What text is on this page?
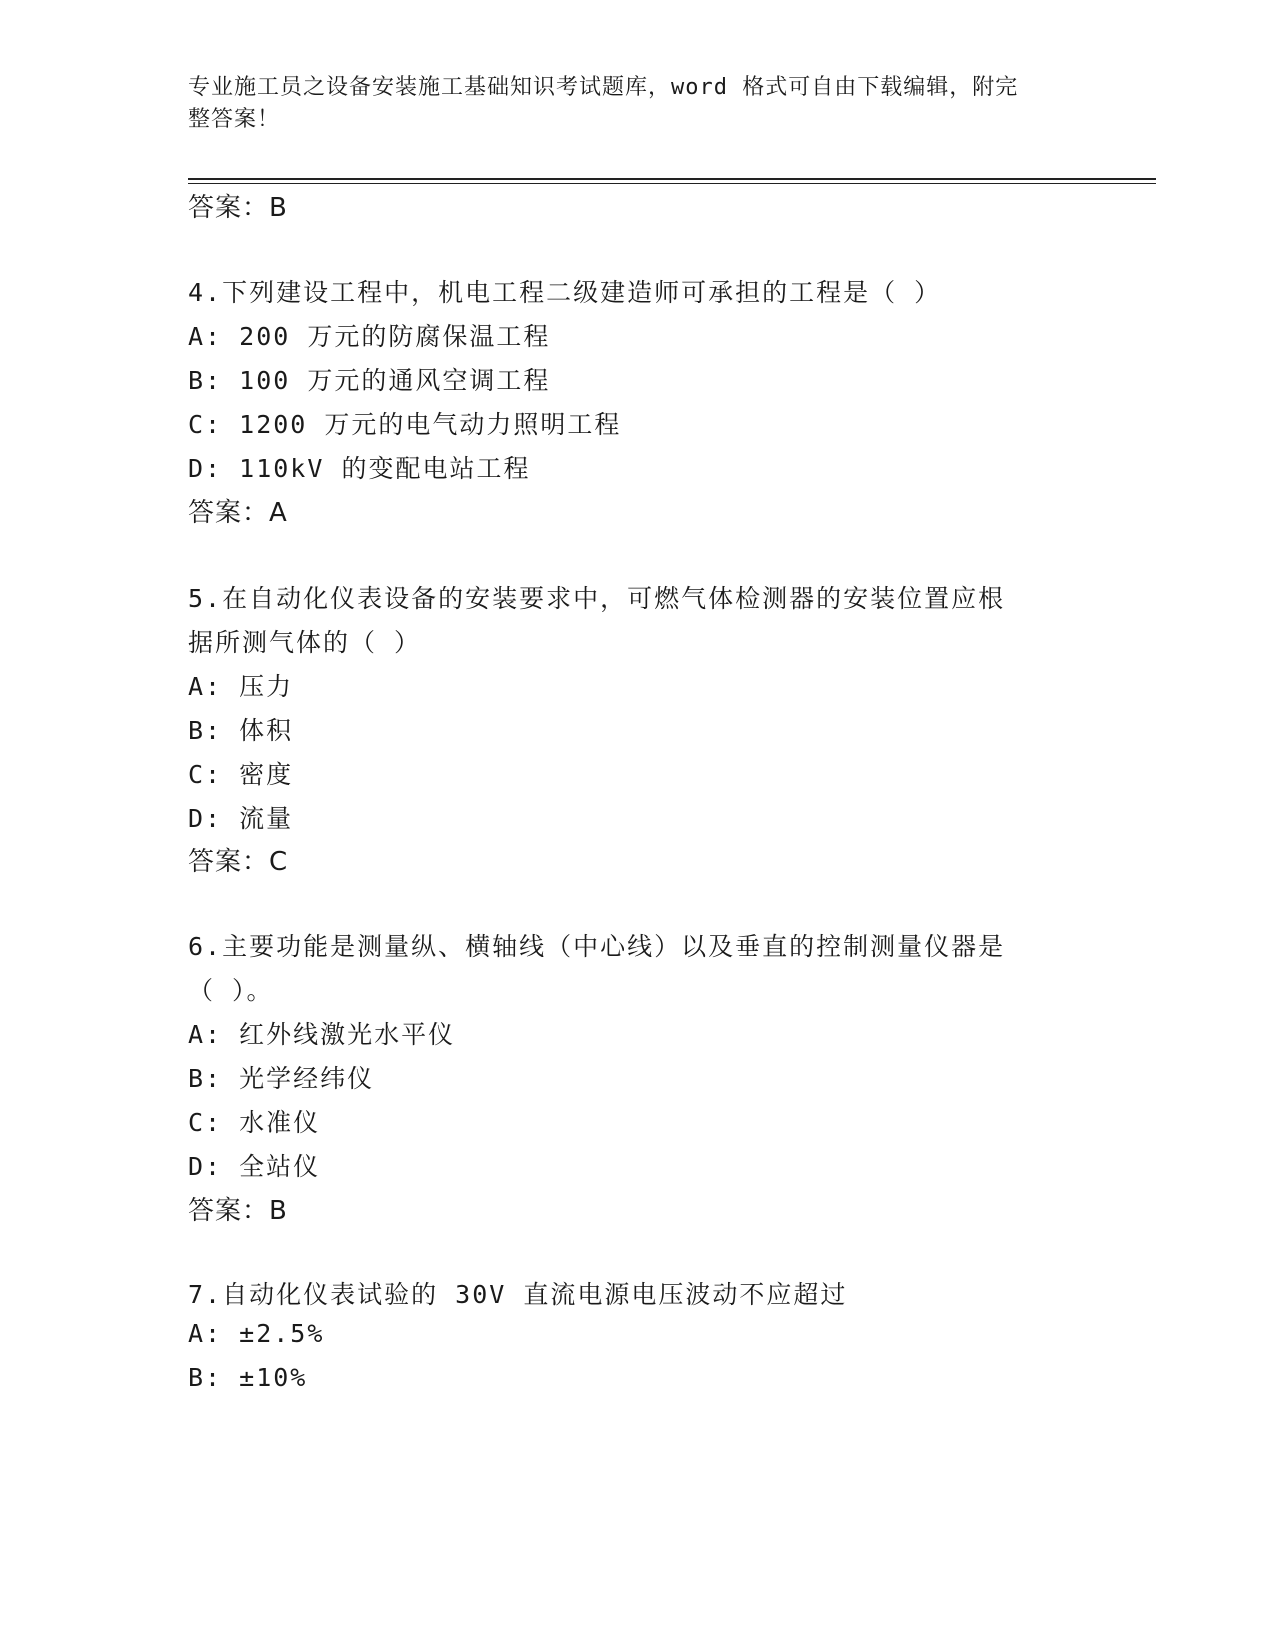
专业施工员之设备安装施工基础知识考试题库，word 格式可自由下载编辑，附完
整答案！
答案：B
4.下列建设工程中，机电工程二级建造师可承担的工程是（ ）
A: 200 万元的防腐保温工程
B: 100 万元的通风空调工程
C: 1200 万元的电气动力照明工程
D: 110kV 的变配电站工程
答案：A
5.在自动化仪表设备的安装要求中，可燃气体检测器的安装位置应根
据所测气体的（ ）
A: 压力
B: 体积
C: 密度
D: 流量
答案：C
6.主要功能是测量纵、横轴线（中心线）以及垂直的控制测量仪器是
（ ）。
A: 红外线激光水平仪
B: 光学经纬仪
C: 水准仪
D: 全站仪
答案：B
7.自动化仪表试验的 30V 直流电源电压波动不应超过
A: ±2.5%
B: ±10%
